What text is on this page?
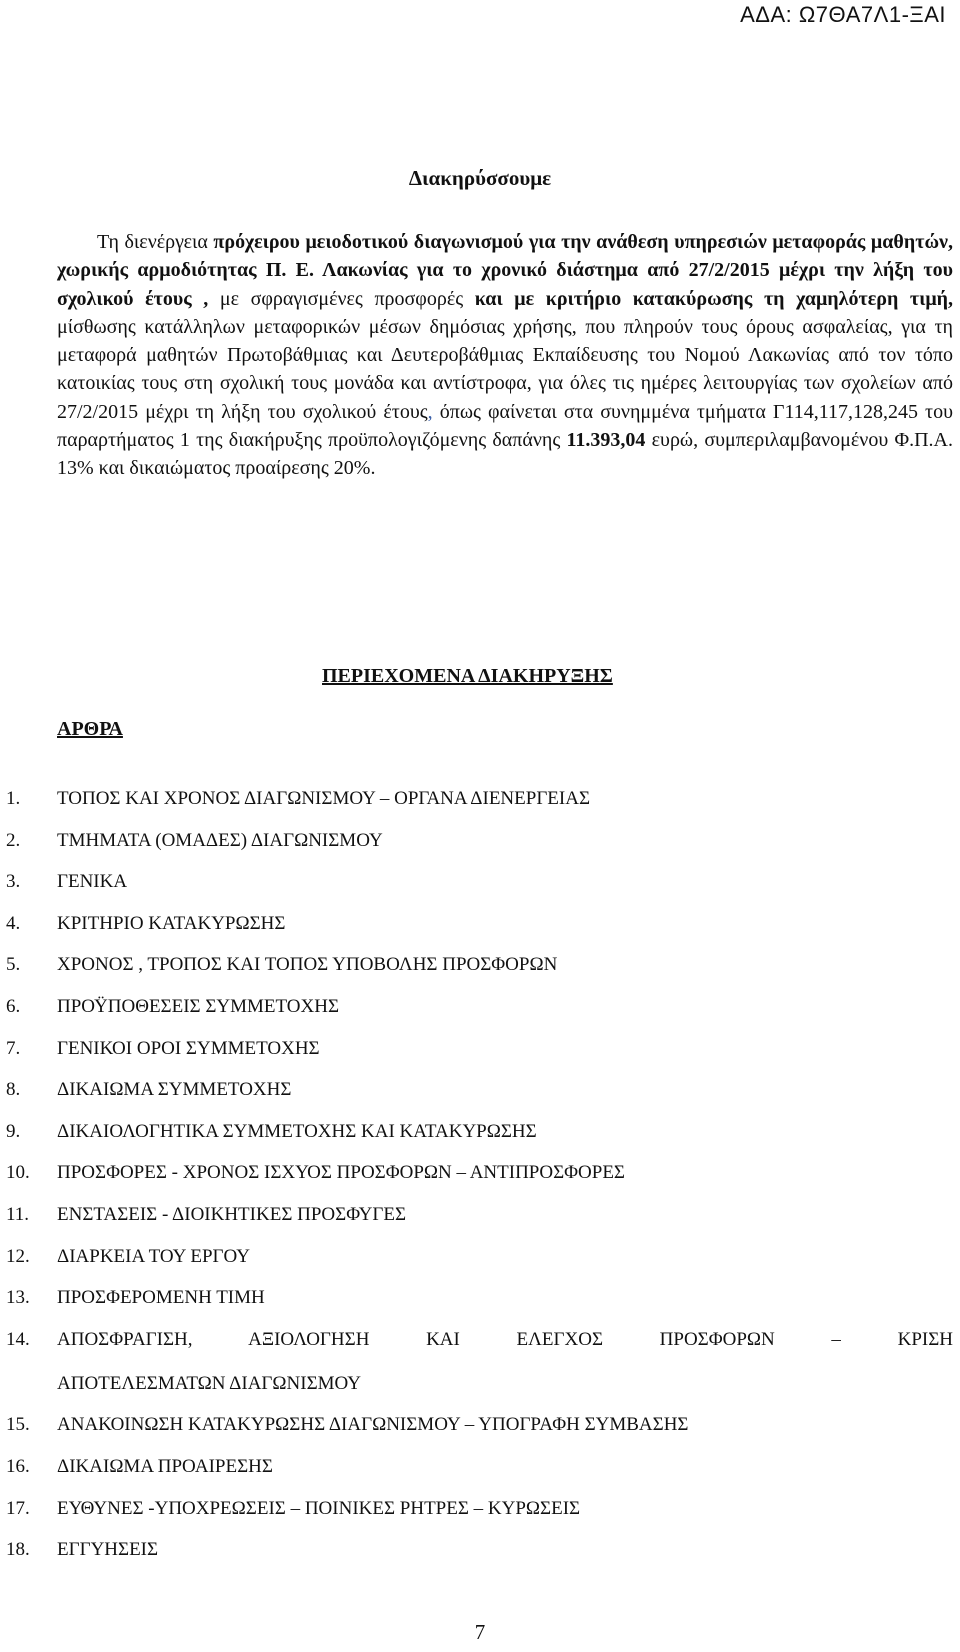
ΑΔΑ: Ω7ΘΑ7Λ1-ΞΑΙ
Διακηρύσσουμε

Τη διενέργεια πρόχειρου μειοδοτικού διαγωνισμού για την ανάθεση υπηρεσιών μεταφοράς μαθητών, χωρικής αρμοδιότητας Π. Ε. Λακωνίας για το χρονικό διάστημα από 27/2/2015 μέχρι την λήξη του σχολικού έτους , με σφραγισμένες προσφορές και με κριτήριο κατακύρωσης τη χαμηλότερη τιμή, μίσθωσης κατάλληλων μεταφορικών μέσων δημόσιας χρήσης, που πληρούν τους όρους ασφαλείας, για τη μεταφορά μαθητών Πρωτοβάθμιας και Δευτεροβάθμιας Εκπαίδευσης του Νομού Λακωνίας από τον τόπο κατοικίας τους στη σχολική τους μονάδα και αντίστροφα, για όλες τις ημέρες λειτουργίας των σχολείων από 27/2/2015 μέχρι τη λήξη του σχολικού έτους, όπως φαίνεται στα συνημμένα τμήματα Γ114,117,128,245 του παραρτήματος 1 της διακήρυξης προϋπολογιζόμενης δαπάνης 11.393,04 ευρώ, συμπεριλαμβανομένου Φ.Π.Α. 13% και δικαιώματος προαίρεσης 20%.

ΠΕΡΙΕΧΟΜΕΝΑ ΔΙΑΚΗΡΥΞΗΣ
ΑΡΘΡΑ
1. ΤΟΠΟΣ ΚΑΙ ΧΡΟΝΟΣ ΔΙΑΓΩΝΙΣΜΟΥ – ΟΡΓΑΝΑ ΔΙΕΝΕΡΓΕΙΑΣ
2. ΤΜΗΜΑΤΑ (ΟΜΑΔΕΣ) ΔΙΑΓΩΝΙΣΜΟΥ
3. ΓΕΝΙΚΑ
4. ΚΡΙΤΗΡΙΟ ΚΑΤΑΚΥΡΩΣΗΣ
5. ΧΡΟΝΟΣ , ΤΡΟΠΟΣ ΚΑΙ ΤΟΠΟΣ ΥΠΟΒΟΛΗΣ ΠΡΟΣΦΟΡΩΝ
6. ΠΡΟΫΠΟΘΕΣΕΙΣ ΣΥΜΜΕΤΟΧΗΣ
7. ΓΕΝΙΚΟΙ ΟΡΟΙ ΣΥΜΜΕΤΟΧΗΣ
8. ΔΙΚΑΙΩΜΑ ΣΥΜΜΕΤΟΧΗΣ
9. ΔΙΚΑΙΟΛΟΓΗΤΙΚΑ ΣΥΜΜΕΤΟΧΗΣ ΚΑΙ ΚΑΤΑΚΥΡΩΣΗΣ
10. ΠΡΟΣΦΟΡΕΣ - ΧΡΟΝΟΣ ΙΣΧΥΟΣ ΠΡΟΣΦΟΡΩΝ – ΑΝΤΙΠΡΟΣΦΟΡΕΣ
11. ΕΝΣΤΑΣΕΙΣ - ΔΙΟΙΚΗΤΙΚΕΣ ΠΡΟΣΦΥΓΕΣ
12. ΔΙΑΡΚΕΙΑ ΤΟΥ ΕΡΓΟΥ
13. ΠΡΟΣΦΕΡΟΜΕΝΗ ΤΙΜΗ
14. ΑΠΟΣΦΡΑΓΙΣΗ, ΑΞΙΟΛΟΓΗΣΗ ΚΑΙ ΕΛΕΓΧΟΣ ΠΡΟΣΦΟΡΩΝ – ΚΡΙΣΗ
ΑΠΟΤΕΛΕΣΜΑΤΩΝ ΔΙΑΓΩΝΙΣΜΟΥ
15. ΑΝΑΚΟΙΝΩΣΗ ΚΑΤΑΚΥΡΩΣΗΣ ΔΙΑΓΩΝΙΣΜΟΥ – ΥΠΟΓΡΑΦΗ ΣΥΜΒΑΣΗΣ
16. ΔΙΚΑΙΩΜΑ ΠΡΟΑΙΡΕΣΗΣ
17. ΕΥΘΥΝΕΣ -ΥΠΟΧΡΕΩΣΕΙΣ – ΠΟΙΝΙΚΕΣ ΡΗΤΡΕΣ – ΚΥΡΩΣΕΙΣ
18. ΕΓΓΥΗΣΕΙΣ
7
